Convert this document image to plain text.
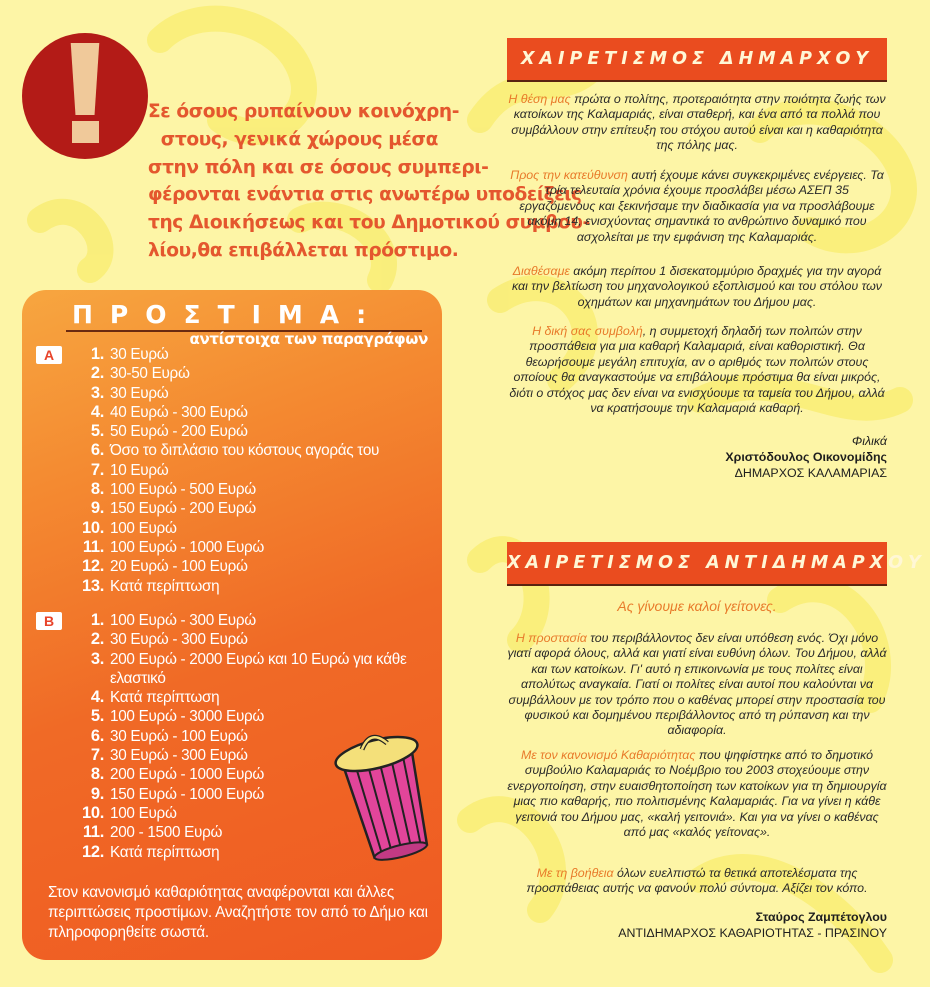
Σε όσους ρυπαίνουν κοινόχρη-
στους, γενικά χώρους μέσα
στην πόλη και σε όσους συμπερι-
φέρονται ενάντια στις ανωτέρω υποδείξεις
της Διοικήσεως και του Δημοτικού συμβου-
λίου,θα επιβάλλεται πρόστιμο.
ΠΡΟΣΤΙΜΑ:
αντίστοιχα των παραγράφων
A	1. 30 Ευρώ
2. 30-50 Ευρώ
3. 30 Ευρώ
4. 40 Ευρώ - 300 Ευρώ
5. 50 Ευρώ - 200 Ευρώ
6. Όσο το διπλάσιο του κόστους αγοράς του
7. 10 Ευρώ
8. 100 Ευρώ - 500 Ευρώ
9. 150 Ευρώ - 200 Ευρώ
10. 100 Ευρώ
11. 100 Ευρώ - 1000 Ευρώ
12. 20 Ευρώ - 100 Ευρώ
13. Κατά περίπτωση
B	1. 100 Ευρώ - 300 Ευρώ
2. 30 Ευρώ - 300 Ευρώ
3. 200 Ευρώ - 2000 Ευρώ και 10 Ευρώ για κάθε ελαστικό
4. Κατά περίπτωση
5. 100 Ευρώ - 3000 Ευρώ
6. 30 Ευρώ - 100 Ευρώ
7. 30 Ευρώ - 300 Ευρώ
8. 200 Ευρώ - 1000 Ευρώ
9. 150 Ευρώ - 1000 Ευρώ
10. 100 Ευρώ
11. 200 - 1500 Ευρώ
12. Κατά περίπτωση
Στον κανονισμό καθαριότητας αναφέρονται και άλλες περιπτώσεις προστίμων. Αναζητήστε τον από το Δήμο και πληροφορηθείτε σωστά.
ΧΑΙΡΕΤΙΣΜΟΣ ΔΗΜΑΡΧΟΥ
Η θέση μας πρώτα ο πολίτης, προτεραιότητα στην ποιότητα ζωής των κατοίκων της Καλαμαριάς, είναι σταθερή, και ένα από τα πολλά που συμβάλλουν στην επίτευξη του στόχου αυτού είναι και η καθαριότητα της πόλης μας.
Προς την κατεύθυνση αυτή έχουμε κάνει συγκεκριμένες ενέργειες. Τα τρία τελευταία χρόνια έχουμε προσλάβει μέσω ΑΣΕΠ 35 εργαζόμενους και ξεκινήσαμε την διαδικασία για να προσλάβουμε ακόμη 14, ενισχύοντας σημαντικά το ανθρώπινο δυναμικό που ασχολείται με την εμφάνιση της Καλαμαριάς.
Διαθέσαμε ακόμη περίπου 1 δισεκατομμύριο δραχμές για την αγορά και την βελτίωση του μηχανολογικού εξοπλισμού και του στόλου των οχημάτων και μηχανημάτων του Δήμου μας.
Η δική σας συμβολή, η συμμετοχή δηλαδή των πολιτών στην προσπάθεια για μια καθαρή Καλαμαριά, είναι καθοριστική. Θα θεωρήσουμε μεγάλη επιτυχία, αν ο αριθμός των πολιτών στους οποίους θα αναγκαστούμε να επιβάλουμε πρόστιμα θα είναι μικρός, διότι ο στόχος μας δεν είναι να ενισχύουμε τα ταμεία του Δήμου, αλλά να κρατήσουμε την Καλαμαριά καθαρή.
Φιλικά
Χριστόδουλος Οικονομίδης
ΔΗΜΑΡΧΟΣ ΚΑΛΑΜΑΡΙΑΣ
ΧΑΙΡΕΤΙΣΜΟΣ ΑΝΤΙΔΗΜΑΡΧΟΥ
Ας γίνουμε καλοί γείτονες.
Η προστασία του περιβάλλοντος δεν είναι υπόθεση ενός. Όχι μόνο γιατί αφορά όλους, αλλά και γιατί είναι ευθύνη όλων. Του Δήμου, αλλά και των κατοίκων. Γι' αυτό η επικοινωνία με τους πολίτες είναι απολύτως αναγκαία. Γιατί οι πολίτες είναι αυτοί που καλούνται να συμβάλλουν με τον τρόπο που ο καθένας μπορεί στην προστασία του φυσικού και δομημένου περιβάλλοντος από τη ρύπανση και την αδιαφορία.
Με τον κανονισμό Καθαριότητας που ψηφίστηκε από το δημοτικό συμβούλιο Καλαμαριάς το Νοέμβριο του 2003 στοχεύουμε στην ενεργοποίηση, στην ευαισθητοποίηση των κατοίκων για τη δημιουργία μιας πιο καθαρής, πιο πολιτισμένης Καλαμαριάς. Για να γίνει η κάθε γειτονιά του Δήμου μας, «καλή γειτονιά». Και για να γίνει ο καθένας από μας «καλός γείτονας».
Με τη βοήθεια όλων ευελπιστώ τα θετικά αποτελέσματα της προσπάθειας αυτής να φανούν πολύ σύντομα. Αξίζει τον κόπο.
Σταύρος Ζαμπέτογλου
ΑΝΤΙΔΗΜΑΡΧΟΣ ΚΑΘΑΡΙΟΤΗΤΑΣ - ΠΡΑΣΙΝΟΥ
